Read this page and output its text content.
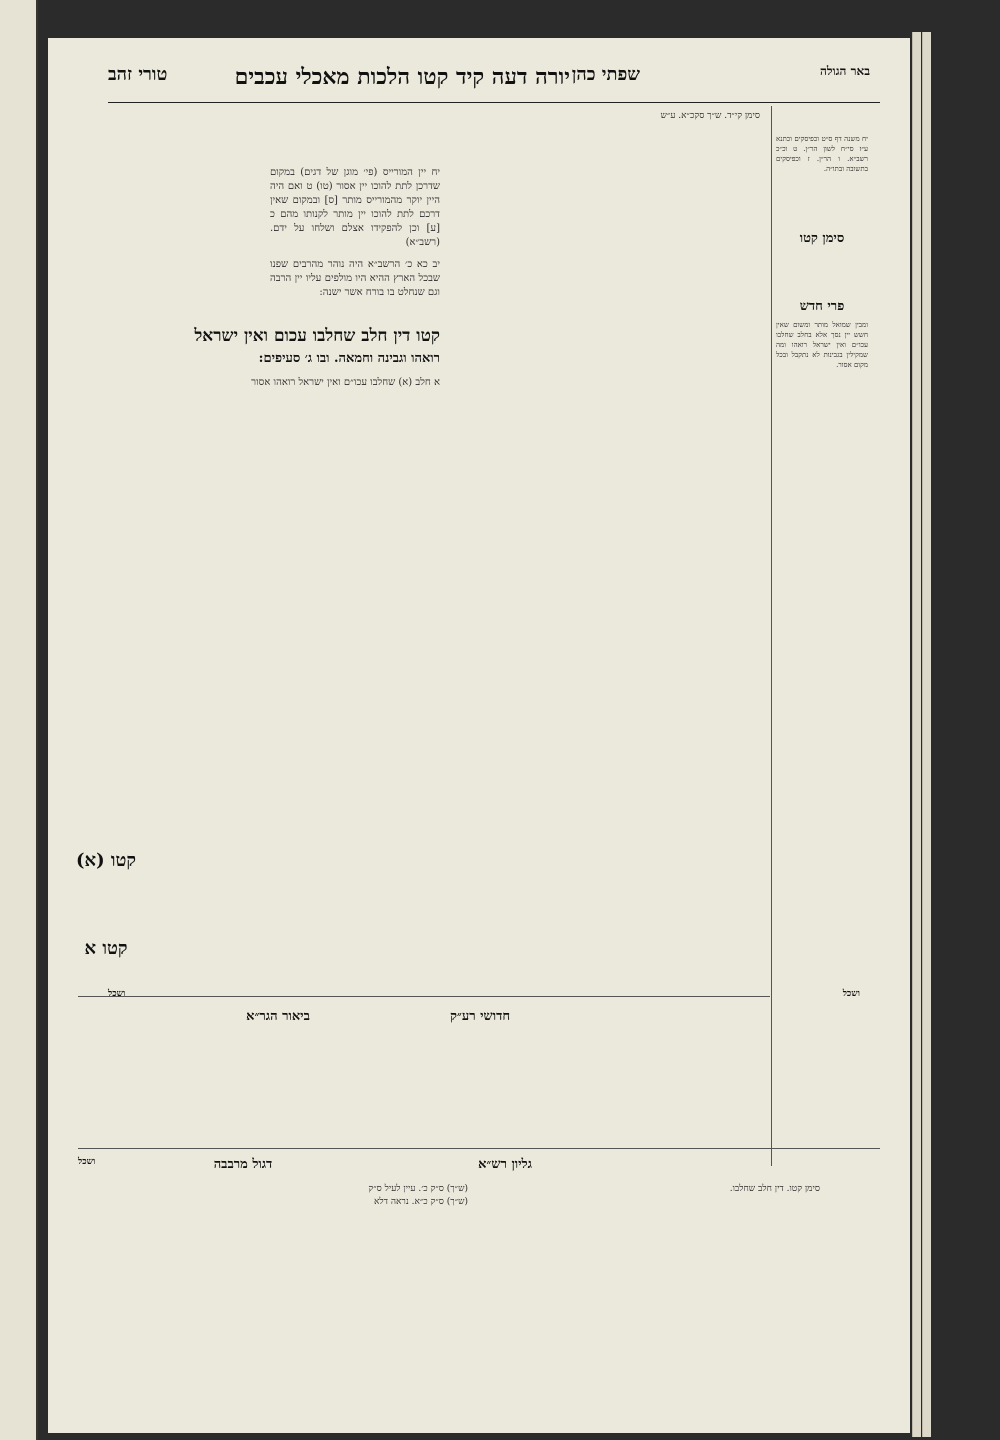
באר הגולה
שפתי כהן
יורה דעה קיד קטו הלכות מאכלי עכבים
טורי זהב
יח משנה דף ס״ט וכפיסקים וכתנא ע״ז סי״ח לשון הר״ן. ט וכ״כ רשב״א. ו הר״ן. ז וכפיסקים בתשובה ובתו״ה.
סימן קטו
פרי חדש
ומבין שמואל מותר ומשום שאין חשש יין נסך אלא בחלב שחלבו עכו״ם ואין ישראל רואהו ומה שמקילין בגבינות לא נתקבל ובכל מקום אסור.
סימן קי״ד. ש״ך סקכ״א. ע״ש
יח יין המורייס (פי׳ מוגן של דגים) במקום שדרכן לתת להוכו יין אסור (טו) ט ואם היה היין יוקר מהמורייס מותר [ס] ובמקום שאין דרכם לתת להוכו יין מותר לקנותו מהם כ [ע] וכן להפקידו אצלם ושלחו על ידם. (רשב״א)
יב כא כ׳ הרשב״א היה נוהר מהרבים שפנו שבכל הארץ ההיא היו מולפים עליו יין הרבה וגם שנחלט בו בורח אשר ישנה:
קטו דין חלב שחלבו עכום ואין ישראל
רואהו וגבינה וחמאה. ובו ג׳ סעיפים:
א חלב (א) שחלבו עכו״ם ואין ישראל רואהו אסור
קטו (א)
קטו א
ושכל
ושכל
חדושי רע״ק
ביאור הגר״א
גליון רש״א
דגול מרבבה
ושכל
סימן קטו. דין חלב שחלבו.
(ש״ך) ס״ק כ׳. עיין לעיל ס״ק
(ש״ך) ס״ק כ״א. נראה דלא
